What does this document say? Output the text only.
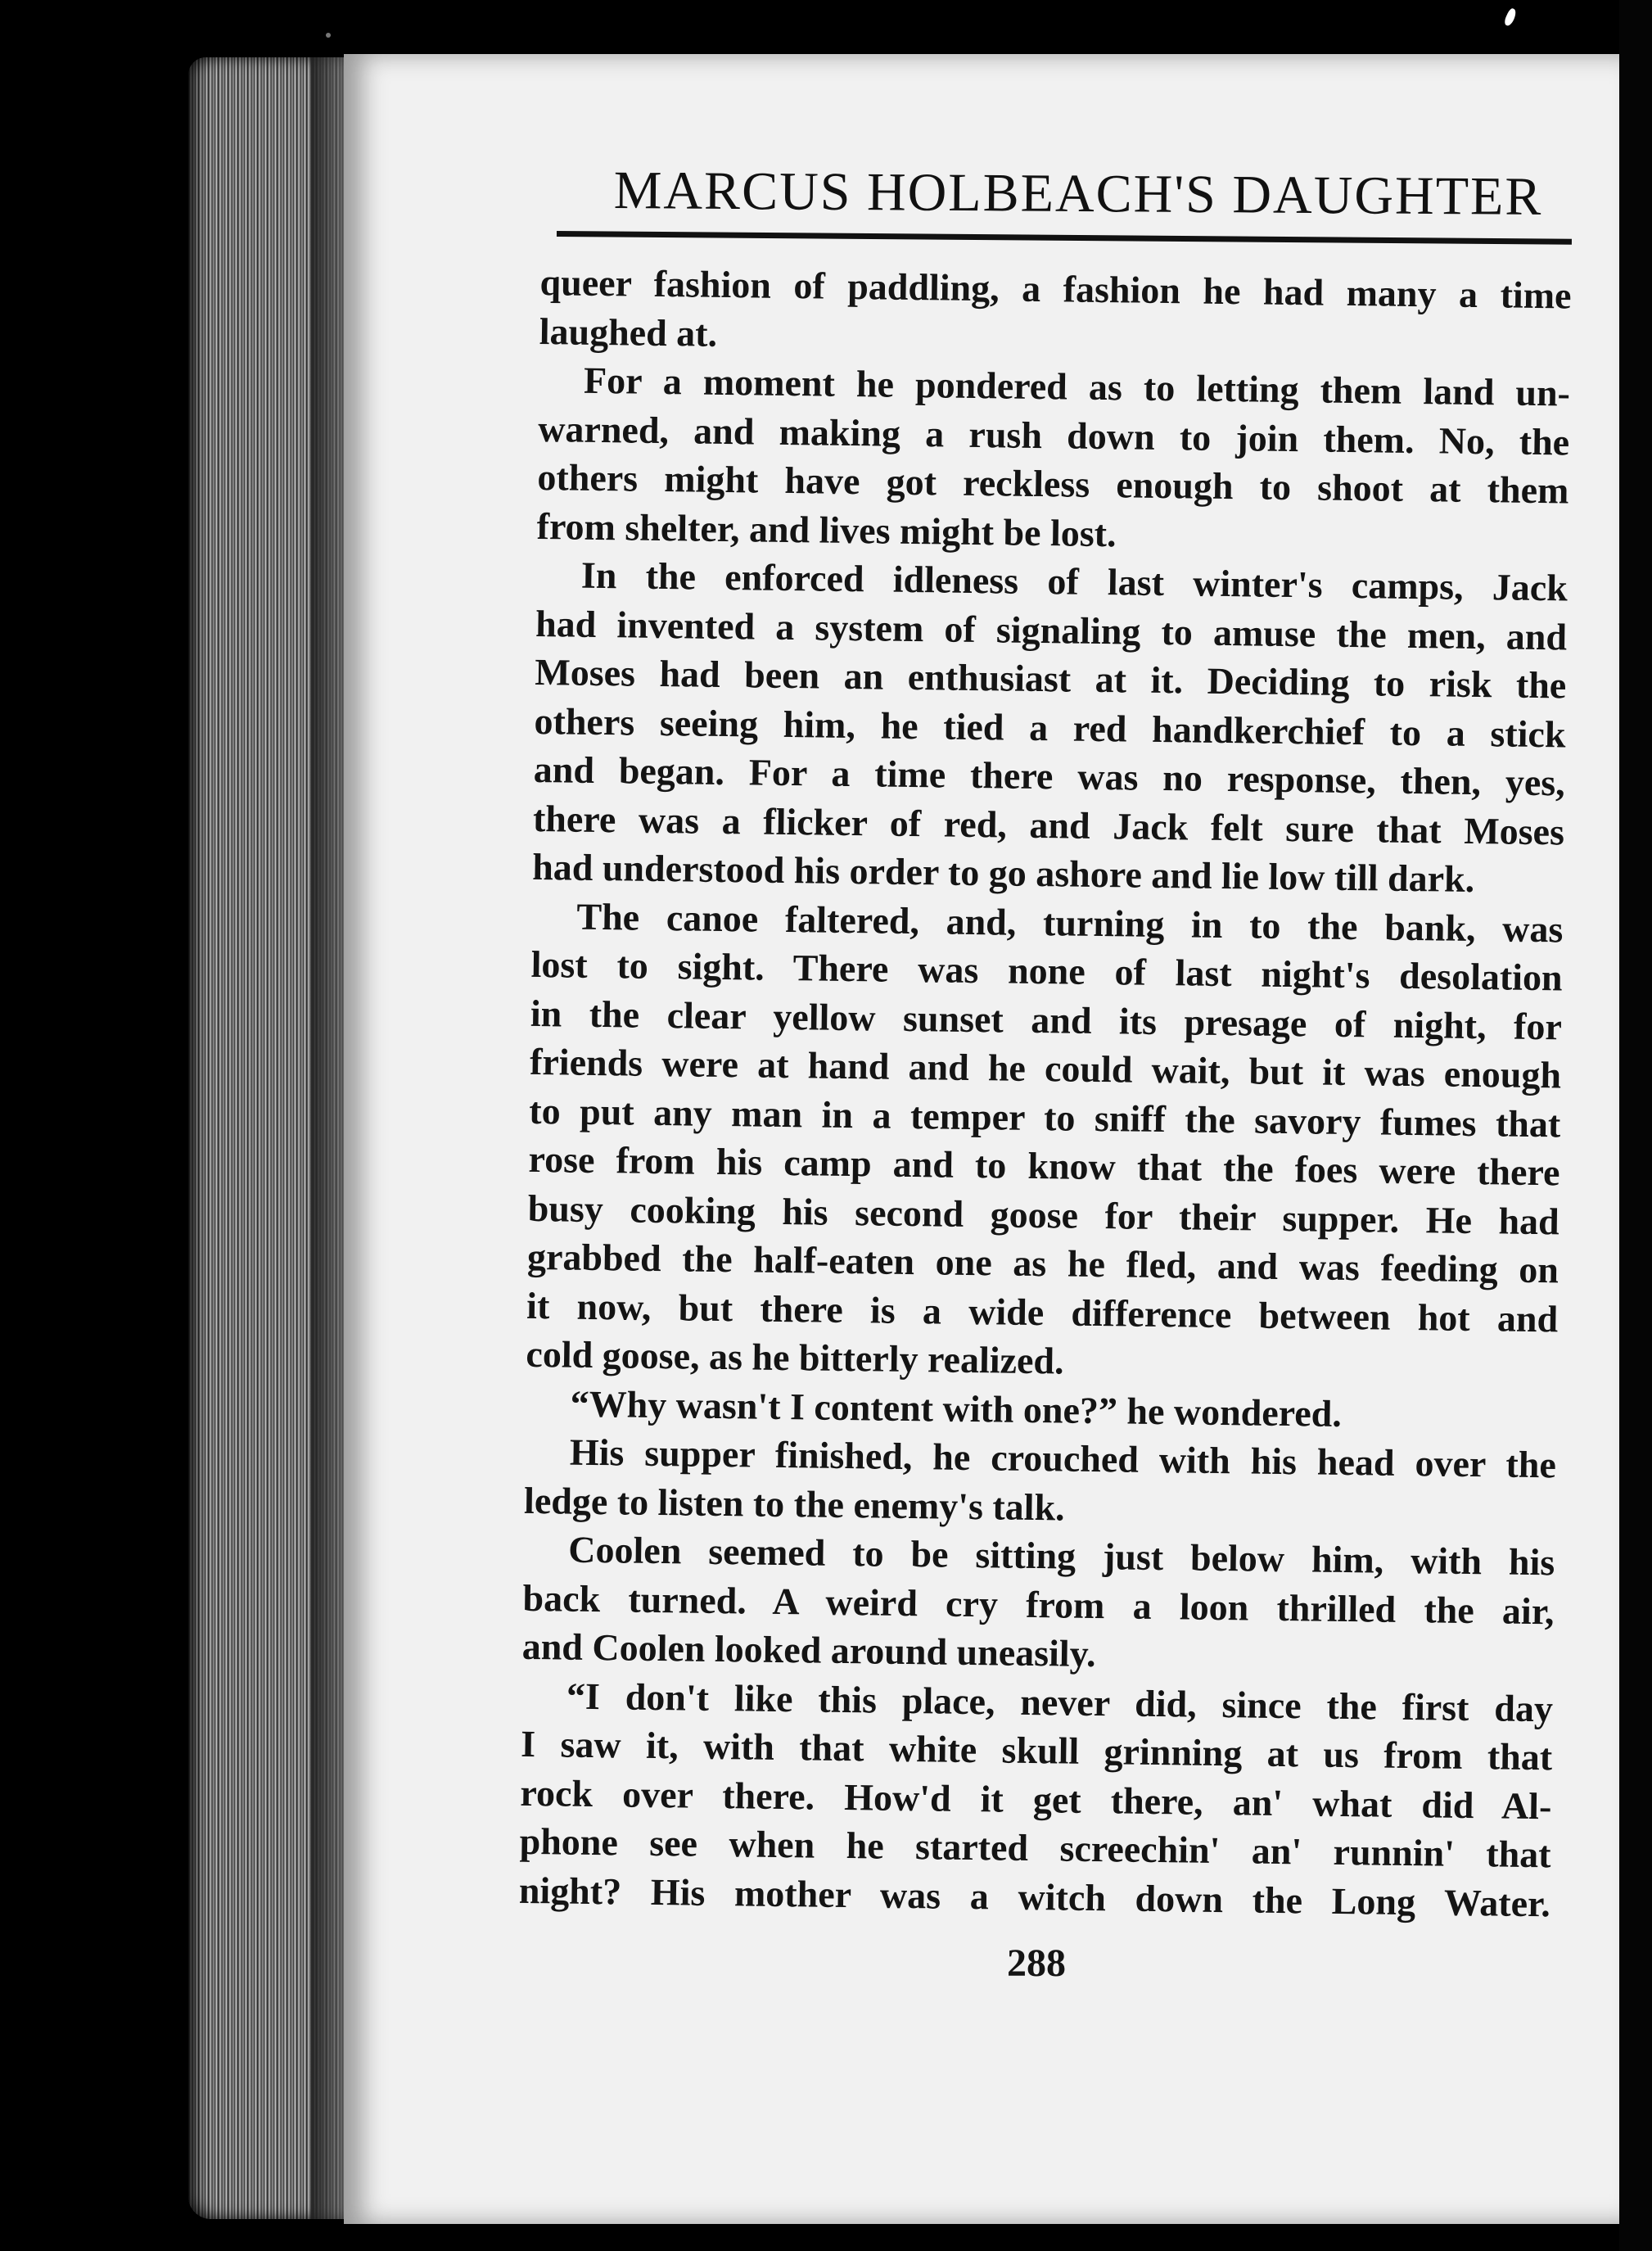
MARCUS HOLBEACH'S DAUGHTER
queer fashion of paddling, a fashion he had many a time
laughed at.
For a moment he pondered as to letting them land un-
warned, and making a rush down to join them. No, the
others might have got reckless enough to shoot at them
from shelter, and lives might be lost.
In the enforced idleness of last winter's camps, Jack
had invented a system of signaling to amuse the men, and
Moses had been an enthusiast at it. Deciding to risk the
others seeing him, he tied a red handkerchief to a stick
and began. For a time there was no response, then, yes,
there was a flicker of red, and Jack felt sure that Moses
had understood his order to go ashore and lie low till dark.
The canoe faltered, and, turning in to the bank, was
lost to sight. There was none of last night's desolation
in the clear yellow sunset and its presage of night, for
friends were at hand and he could wait, but it was enough
to put any man in a temper to sniff the savory fumes that
rose from his camp and to know that the foes were there
busy cooking his second goose for their supper. He had
grabbed the half-eaten one as he fled, and was feeding on
it now, but there is a wide difference between hot and
cold goose, as he bitterly realized.
“Why wasn't I content with one?” he wondered.
His supper finished, he crouched with his head over the
ledge to listen to the enemy's talk.
Coolen seemed to be sitting just below him, with his
back turned. A weird cry from a loon thrilled the air,
and Coolen looked around uneasily.
“I don't like this place, never did, since the first day
I saw it, with that white skull grinning at us from that
rock over there. How'd it get there, an' what did Al-
phone see when he started screechin' an' runnin' that
night? His mother was a witch down the Long Water.
288
